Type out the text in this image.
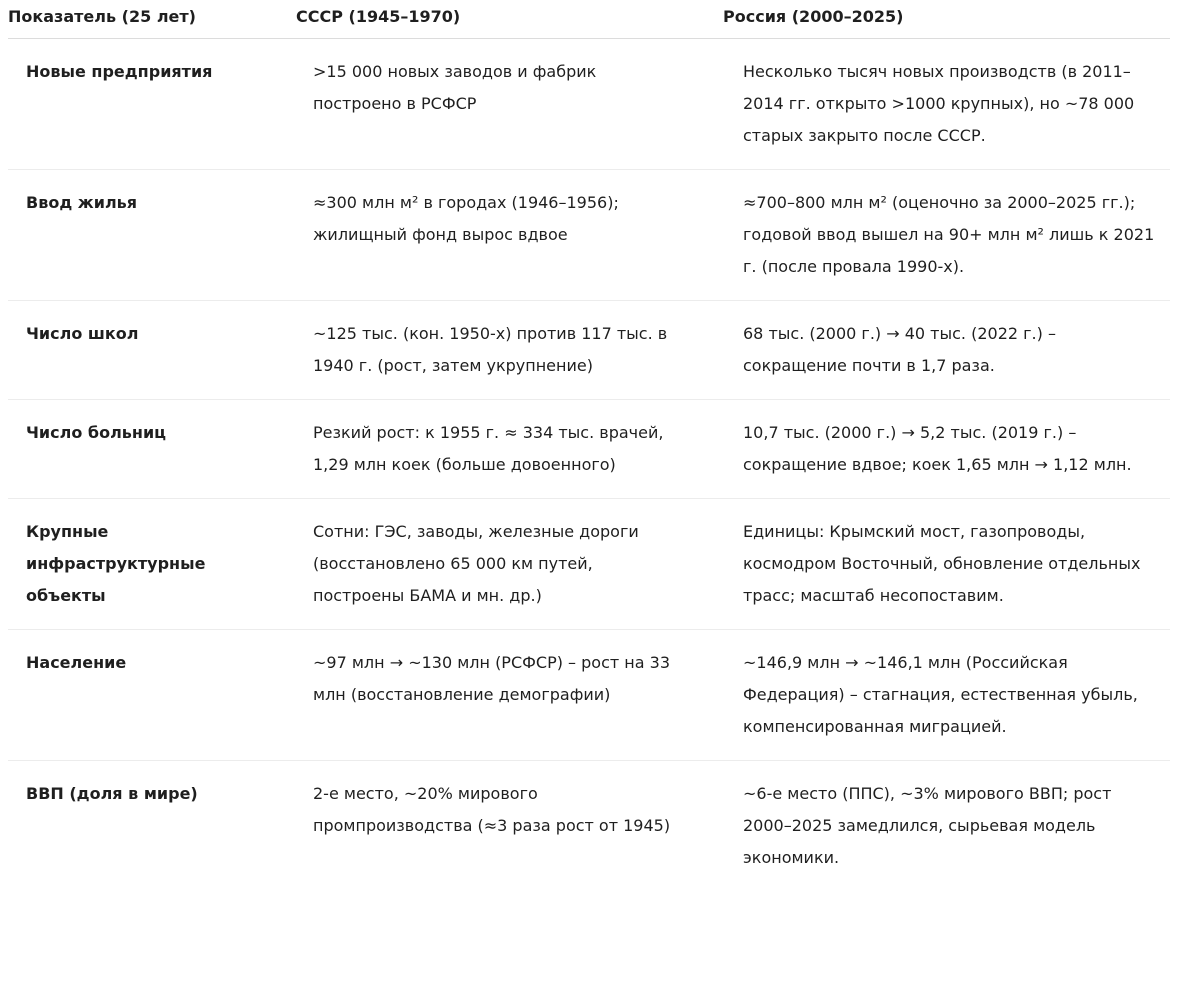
Показатель (25 лет)	СССР (1945–1970)	Россия (2000–2025)
Новые предприятия	>15 000 новых заводов и фабрик построено в РСФСР	Несколько тысяч новых производств (в 2011–2014 гг. открыто >1000 крупных), но ~78 000 старых закрыто после СССР.
Ввод жилья	≈300 млн м² в городах (1946–1956); жилищный фонд вырос вдвое	≈700–800 млн м² (оценочно за 2000–2025 гг.); годовой ввод вышел на 90+ млн м² лишь к 2021 г. (после провала 1990-х).
Число школ	~125 тыс. (кон. 1950-х) против 117 тыс. в 1940 г. (рост, затем укрупнение)	68 тыс. (2000 г.) → 40 тыс. (2022 г.) – сокращение почти в 1,7 раза.
Число больниц	Резкий рост: к 1955 г. ≈ 334 тыс. врачей, 1,29 млн коек (больше довоенного)	10,7 тыс. (2000 г.) → 5,2 тыс. (2019 г.) – сокращение вдвое; коек 1,65 млн → 1,12 млн.
Крупные инфраструктурные объекты	Сотни: ГЭС, заводы, железные дороги (восстановлено 65 000 км путей, построены БАМА и мн. др.)	Единицы: Крымский мост, газопроводы, космодром Восточный, обновление отдельных трасс; масштаб несопоставим.
Население	~97 млн → ~130 млн (РСФСР) – рост на 33 млн (восстановление демографии)	~146,9 млн → ~146,1 млн (Российская Федерация) – стагнация, естественная убыль, компенсированная миграцией.
ВВП (доля в мире)	2-е место, ~20% мирового промпроизводства (≈3 раза рост от 1945)	~6-е место (ППС), ~3% мирового ВВП; рост 2000–2025 замедлился, сырьевая модель экономики.
